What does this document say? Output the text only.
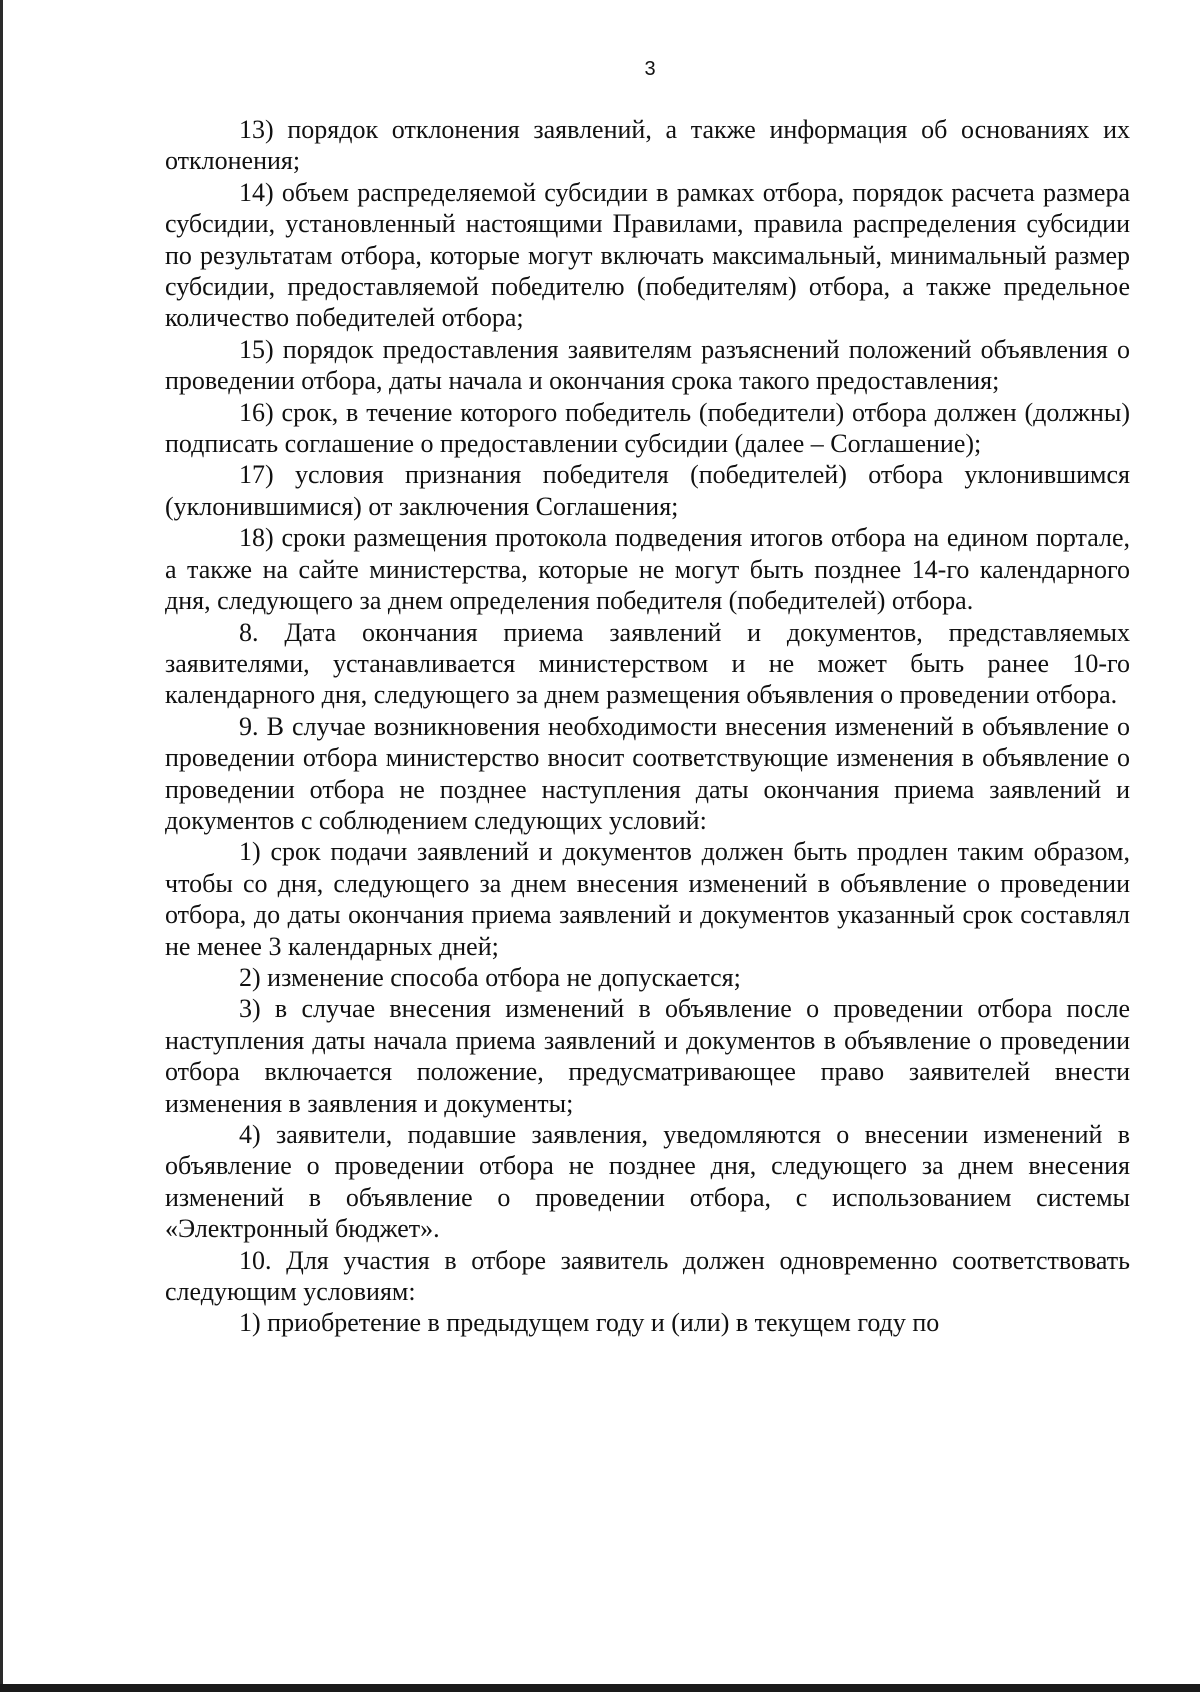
3

13) порядок отклонения заявлений, а также информация об основаниях их отклонения;

14) объем распределяемой субсидии в рамках отбора, порядок расчета размера субсидии, установленный настоящими Правилами, правила распределения субсидии по результатам отбора, которые могут включать максимальный, минимальный размер субсидии, предоставляемой победителю (победителям) отбора, а также предельное количество победителей отбора;

15) порядок предоставления заявителям разъяснений положений объявления о проведении отбора, даты начала и окончания срока такого предоставления;

16) срок, в течение которого победитель (победители) отбора должен (должны) подписать соглашение о предоставлении субсидии (далее – Соглашение);

17) условия признания победителя (победителей) отбора уклонившимся (уклонившимися) от заключения Соглашения;

18) сроки размещения протокола подведения итогов отбора на едином портале, а также на сайте министерства, которые не могут быть позднее 14-го календарного дня, следующего за днем определения победителя (победителей) отбора.

8. Дата окончания приема заявлений и документов, представляемых заявителями, устанавливается министерством и не может быть ранее 10-го календарного дня, следующего за днем размещения объявления о проведении отбора.

9. В случае возникновения необходимости внесения изменений в объявление о проведении отбора министерство вносит соответствующие изменения в объявление о проведении отбора не позднее наступления даты окончания приема заявлений и документов с соблюдением следующих условий:

1) срок подачи заявлений и документов должен быть продлен таким образом, чтобы со дня, следующего за днем внесения изменений в объявление о проведении отбора, до даты окончания приема заявлений и документов указанный срок составлял не менее 3 календарных дней;

2) изменение способа отбора не допускается;

3) в случае внесения изменений в объявление о проведении отбора после наступления даты начала приема заявлений и документов в объявление о проведении отбора включается положение, предусматривающее право заявителей внести изменения в заявления и документы;

4) заявители, подавшие заявления, уведомляются о внесении изменений в объявление о проведении отбора не позднее дня, следующего за днем внесения изменений в объявление о проведении отбора, с использованием системы «Электронный бюджет».

10. Для участия в отборе заявитель должен одновременно соответствовать следующим условиям:

1) приобретение в предыдущем году и (или) в текущем году по
